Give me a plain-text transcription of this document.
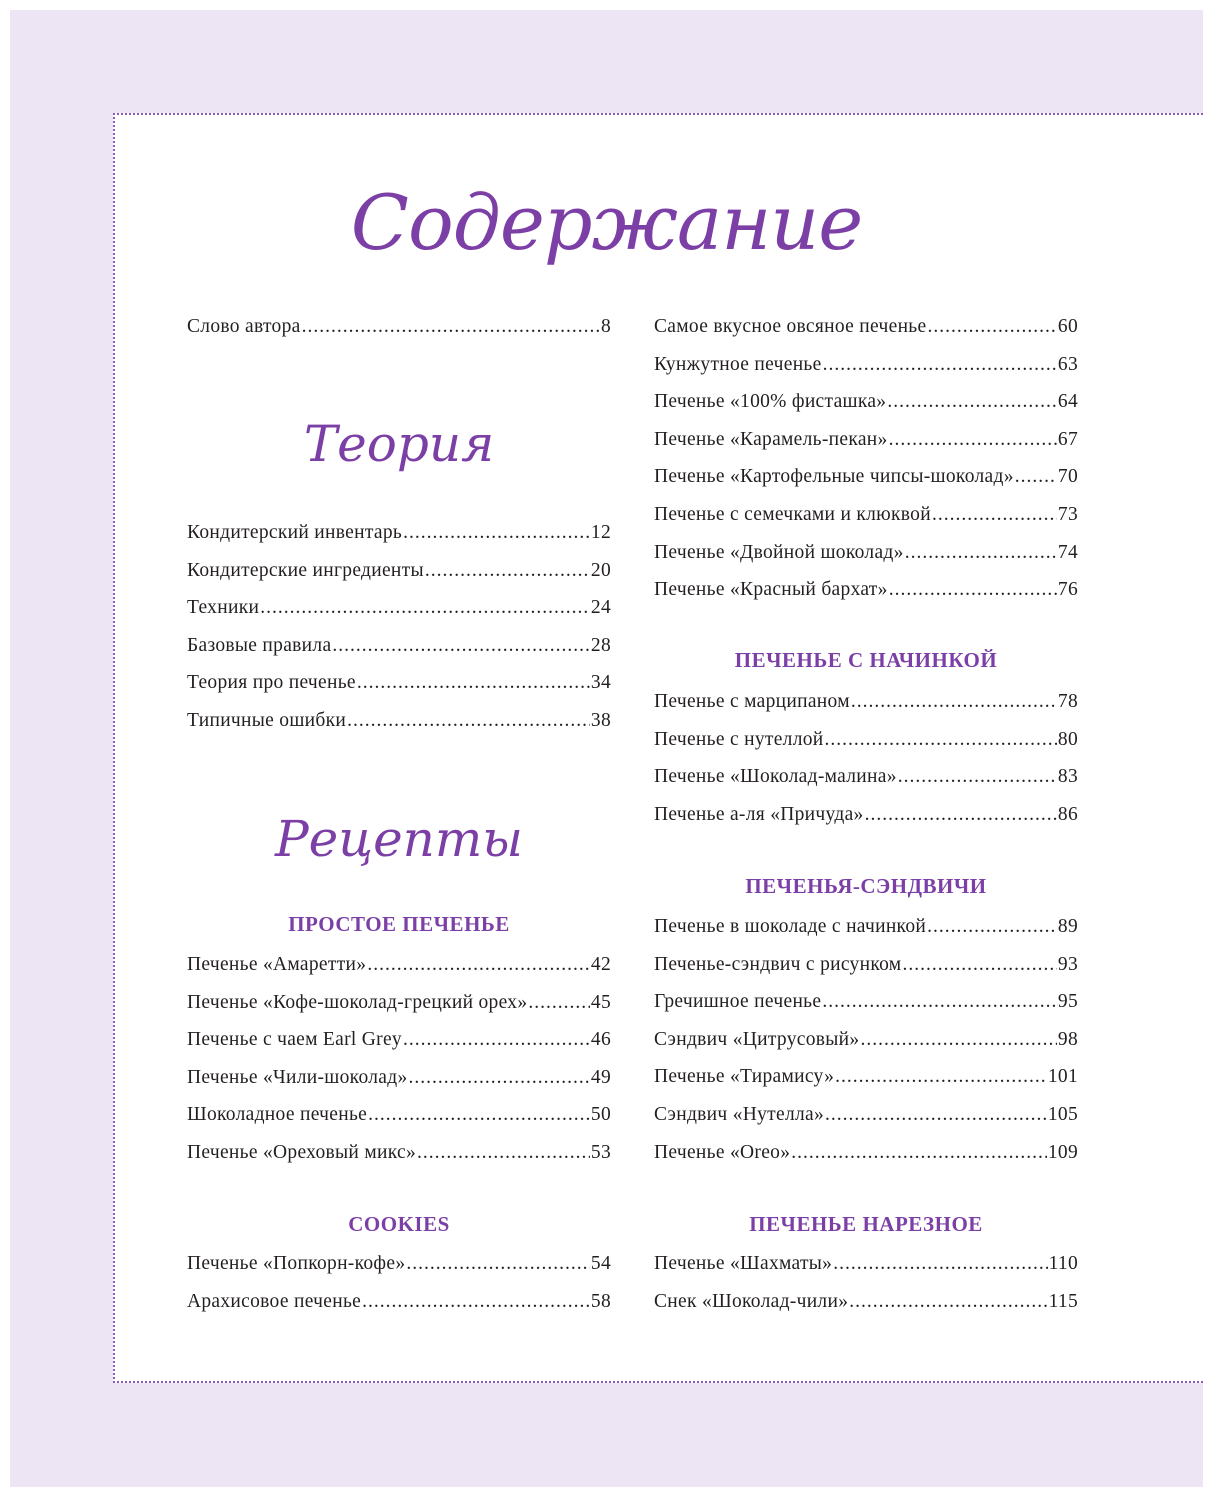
Содержание
Слово автора .....	8
Теория
Кондитерский инвентарь .....	12
Кондитерские ингредиенты .....	20
Техники .....	24
Базовые правила .....	28
Теория про печенье .....	34
Типичные ошибки .....	38
Рецепты
ПРОСТОЕ ПЕЧЕНЬЕ
Печенье «Амаретти» .....	42
Печенье «Кофе-шоколад-грецкий орех» .....	45
Печенье с чаем Earl Grey .....	46
Печенье «Чили-шоколад» .....	49
Шоколадное печенье .....	50
Печенье «Ореховый микс» .....	53
COOKIES
Печенье «Попкорн-кофе» .....	54
Арахисовое печенье .....	58
Самое вкусное овсяное печенье .....	60
Кунжутное печенье .....	63
Печенье «100% фисташка» .....	64
Печенье «Карамель-пекан» .....	67
Печенье «Картофельные чипсы-шоколад» ..... 70
Печенье с семечками и клюквой .....	73
Печенье «Двойной шоколад» .....	74
Печенье «Красный бархат» .....	76
ПЕЧЕНЬЕ С НАЧИНКОЙ
Печенье с марципаном .....	78
Печенье с нутеллой .....	80
Печенье «Шоколад-малина» .....	83
Печенье а-ля «Причуда» .....	86
ПЕЧЕНЬЯ-СЭНДВИЧИ
Печенье в шоколаде с начинкой .....	89
Печенье-сэндвич с рисунком .....	93
Гречишное печенье .....	95
Сэндвич «Цитрусовый» .....	98
Печенье «Тирамису» .....	101
Сэндвич «Нутелла» .....	105
Печенье «Oreo» .....	109
ПЕЧЕНЬЕ НАРЕЗНОЕ
Печенье «Шахматы» .....	110
Снек «Шоколад-чили» .....	115
